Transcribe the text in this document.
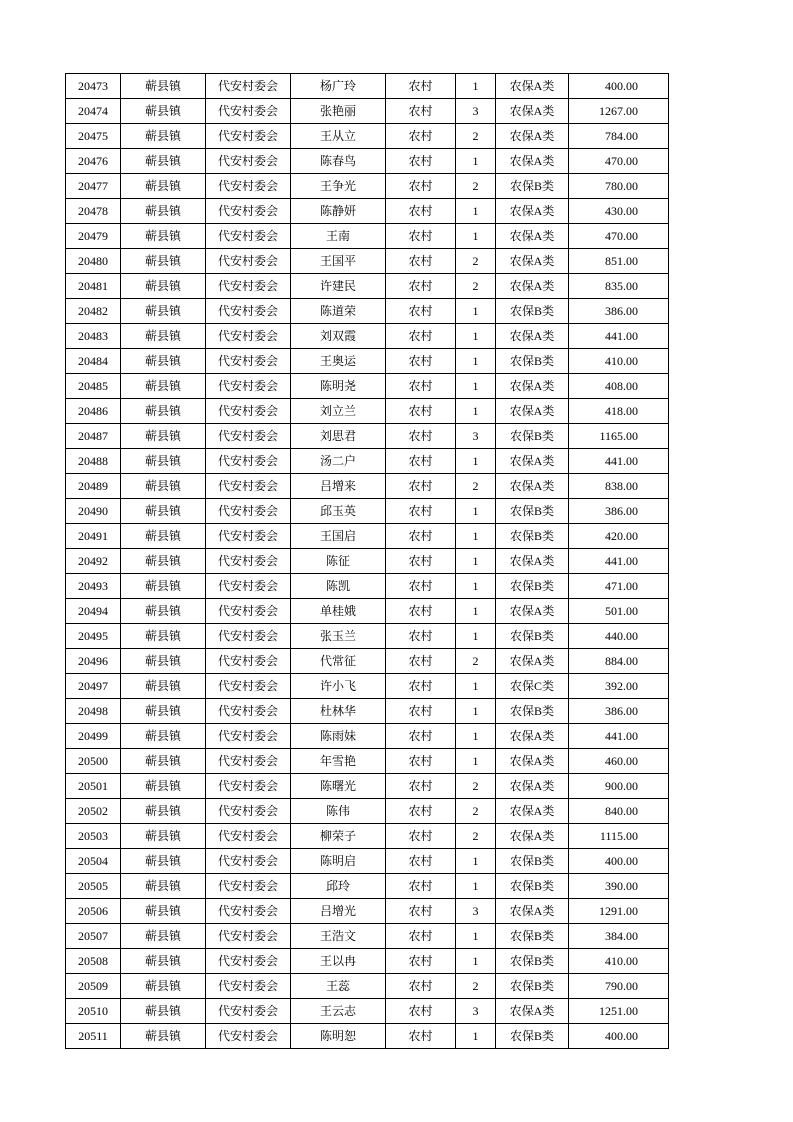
20473	蕲县镇	代安村委会	杨广玲	农村	1	农保A类	400.00
20474	蕲县镇	代安村委会	张艳丽	农村	3	农保A类	1267.00
20475	蕲县镇	代安村委会	王从立	农村	2	农保A类	784.00
20476	蕲县镇	代安村委会	陈春鸟	农村	1	农保A类	470.00
20477	蕲县镇	代安村委会	王争光	农村	2	农保B类	780.00
20478	蕲县镇	代安村委会	陈静妍	农村	1	农保A类	430.00
20479	蕲县镇	代安村委会	王南	农村	1	农保A类	470.00
20480	蕲县镇	代安村委会	王国平	农村	2	农保A类	851.00
20481	蕲县镇	代安村委会	许建民	农村	2	农保A类	835.00
20482	蕲县镇	代安村委会	陈道荣	农村	1	农保B类	386.00
20483	蕲县镇	代安村委会	刘双霞	农村	1	农保A类	441.00
20484	蕲县镇	代安村委会	王奥运	农村	1	农保B类	410.00
20485	蕲县镇	代安村委会	陈明尧	农村	1	农保A类	408.00
20486	蕲县镇	代安村委会	刘立兰	农村	1	农保A类	418.00
20487	蕲县镇	代安村委会	刘思君	农村	3	农保B类	1165.00
20488	蕲县镇	代安村委会	汤二户	农村	1	农保A类	441.00
20489	蕲县镇	代安村委会	吕增来	农村	2	农保A类	838.00
20490	蕲县镇	代安村委会	邱玉英	农村	1	农保B类	386.00
20491	蕲县镇	代安村委会	王国启	农村	1	农保B类	420.00
20492	蕲县镇	代安村委会	陈征	农村	1	农保A类	441.00
20493	蕲县镇	代安村委会	陈凯	农村	1	农保B类	471.00
20494	蕲县镇	代安村委会	单桂娥	农村	1	农保A类	501.00
20495	蕲县镇	代安村委会	张玉兰	农村	1	农保B类	440.00
20496	蕲县镇	代安村委会	代常征	农村	2	农保A类	884.00
20497	蕲县镇	代安村委会	许小飞	农村	1	农保C类	392.00
20498	蕲县镇	代安村委会	杜林华	农村	1	农保B类	386.00
20499	蕲县镇	代安村委会	陈雨妹	农村	1	农保A类	441.00
20500	蕲县镇	代安村委会	年雪艳	农村	1	农保A类	460.00
20501	蕲县镇	代安村委会	陈曙光	农村	2	农保A类	900.00
20502	蕲县镇	代安村委会	陈伟	农村	2	农保A类	840.00
20503	蕲县镇	代安村委会	柳荣子	农村	2	农保A类	1115.00
20504	蕲县镇	代安村委会	陈明启	农村	1	农保B类	400.00
20505	蕲县镇	代安村委会	邱玲	农村	1	农保B类	390.00
20506	蕲县镇	代安村委会	吕增光	农村	3	农保A类	1291.00
20507	蕲县镇	代安村委会	王浩文	农村	1	农保B类	384.00
20508	蕲县镇	代安村委会	王以冉	农村	1	农保B类	410.00
20509	蕲县镇	代安村委会	王蕊	农村	2	农保B类	790.00
20510	蕲县镇	代安村委会	王云志	农村	3	农保A类	1251.00
20511	蕲县镇	代安村委会	陈明恕	农村	1	农保B类	400.00
